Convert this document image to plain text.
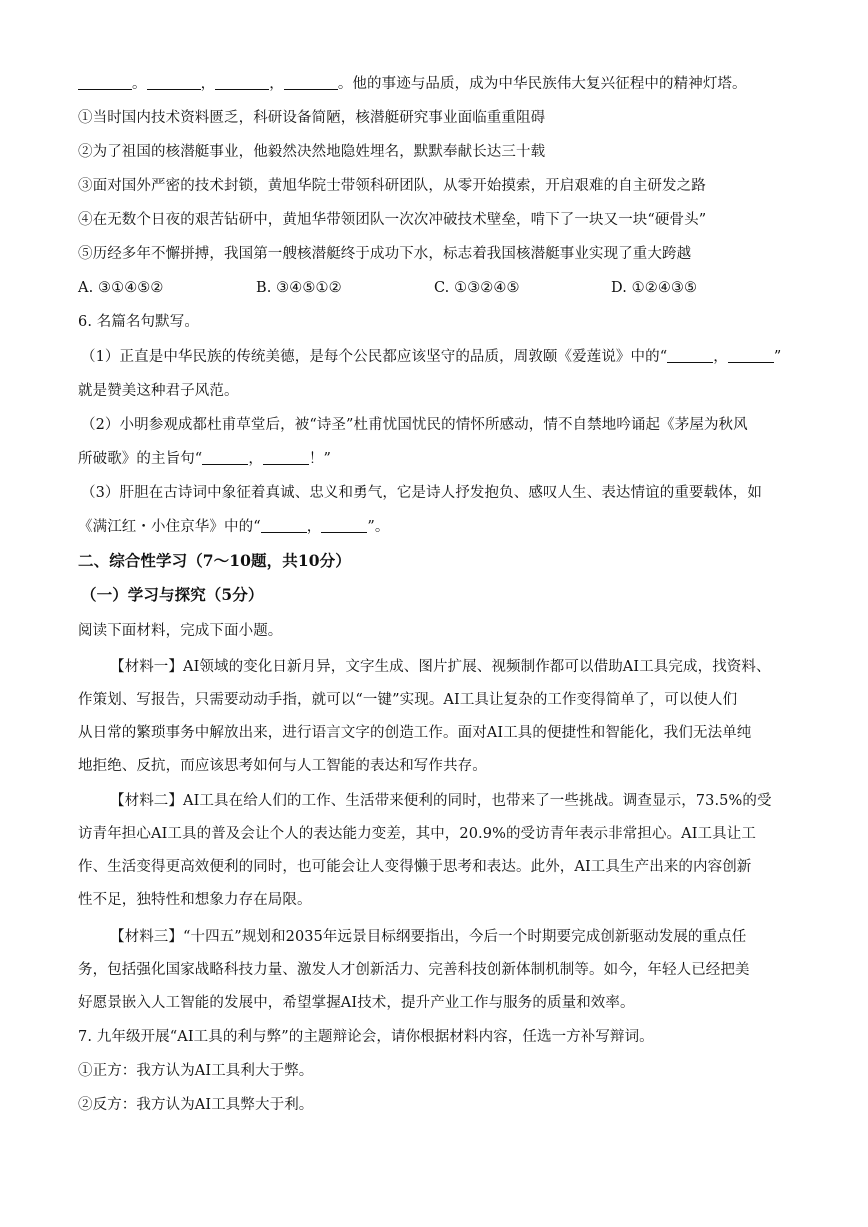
。	，	，	。他的事迹与品质，成为中华民族伟大复兴征程中的精神灯塔。
①当时国内技术资料匮乏，科研设备简陋，核潜艇研究事业面临重重阻碍
②为了祖国的核潜艇事业，他毅然决然地隐姓埋名，默默奉献长达三十载
③面对国外严密的技术封锁，黄旭华院士带领科研团队，从零开始摸索，开启艰难的自主研发之路
④在无数个日夜的艰苦钻研中，黄旭华带领团队一次次冲破技术壁垒，啃下了一块又一块“硬骨头”
⑤历经多年不懈拼搏，我国第一艘核潜艇终于成功下水，标志着我国核潜艇事业实现了重大跨越
A. ③①④⑤②	B. ③④⑤①②	C. ①③②④⑤	D. ①②④③⑤
6. 名篇名句默写。
（1）正直是中华民族的传统美德，是每个公民都应该坚守的品质，周敦颐《爱莲说》中的“	，	”
就是赞美这种君子风范。
（2）小明参观成都杜甫草堂后，被“诗圣”杜甫忧国忧民的情怀所感动，情不自禁地吟诵起《茅屋为秋风
所破歌》的主旨句“	，	！”
（3）肝胆在古诗词中象征着真诚、忠义和勇气，它是诗人抒发抱负、感叹人生、表达情谊的重要载体，如
《满江红・小住京华》中的“	，	”。
二、综合性学习（7～10题，共10分）
（一）学习与探究（5分）
阅读下面材料，完成下面小题。
【材料一】AI领域的变化日新月异，文字生成、图片扩展、视频制作都可以借助AI工具完成，找资料、
作策划、写报告，只需要动动手指，就可以“一键”实现。AI工具让复杂的工作变得简单了，可以使人们
从日常的繁琐事务中解放出来，进行语言文字的创造工作。面对AI工具的便捷性和智能化，我们无法单纯
地拒绝、反抗，而应该思考如何与人工智能的表达和写作共存。
【材料二】AI工具在给人们的工作、生活带来便利的同时，也带来了一些挑战。调查显示，73.5%的受
访青年担心AI工具的普及会让个人的表达能力变差，其中，20.9%的受访青年表示非常担心。AI工具让工
作、生活变得更高效便利的同时，也可能会让人变得懒于思考和表达。此外，AI工具生产出来的内容创新
性不足，独特性和想象力存在局限。
【材料三】“十四五”规划和2035年远景目标纲要指出，今后一个时期要完成创新驱动发展的重点任
务，包括强化国家战略科技力量、激发人才创新活力、完善科技创新体制机制等。如今，年轻人已经把美
好愿景嵌入人工智能的发展中，希望掌握AI技术，提升产业工作与服务的质量和效率。
7. 九年级开展“AI工具的利与弊”的主题辩论会，请你根据材料内容，任选一方补写辩词。
①正方：我方认为AI工具利大于弊。
②反方：我方认为AI工具弊大于利。
